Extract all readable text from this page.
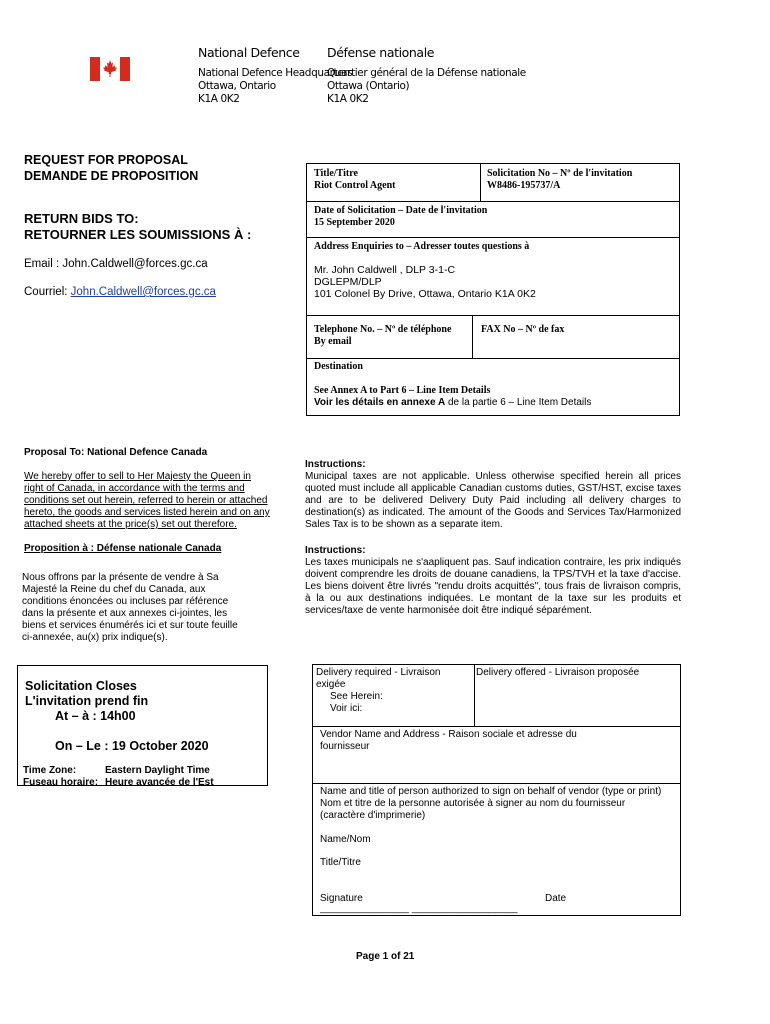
National Defence
National Defence Headquarters
Ottawa, Ontario
K1A 0K2
Défense nationale
Quartier général de la Défense nationale
Ottawa (Ontario)
K1A 0K2
REQUEST FOR PROPOSAL
DEMANDE DE PROPOSITION
RETURN BIDS TO:
RETOURNER LES SOUMISSIONS À :
Email : John.Caldwell@forces.gc.ca
Courriel: John.Caldwell@forces.gc.ca
Proposal To: National Defence Canada
We hereby offer to sell to Her Majesty the Queen in right of Canada, in accordance with the terms and conditions set out herein, referred to herein or attached hereto, the goods and services listed herein and on any attached sheets at the price(s) set out therefore.
Proposition à : Défense nationale Canada
Nous offrons par la présente de vendre à Sa Majesté la Reine du chef du Canada, aux conditions énoncées ou incluses par référence dans la présente et aux annexes ci-jointes, les biens et services énumérés ici et sur toute feuille ci-annexée, au(x) prix indique(s).
Solicitation Closes
L'invitation prend fin
At – à : 14h00
On – Le : 19 October 2020
Time Zone:	Eastern Daylight Time
Fuseau horaire: Heure avancée de l'Est
Title/Titre
Riot Control Agent
Solicitation No – Nº de l'invitation
W8486-195737/A
Date of Solicitation – Date de l'invitation
15 September 2020
Address Enquiries to – Adresser toutes questions à
Mr. John Caldwell , DLP 3-1-C
DGLEPM/DLP
101 Colonel By Drive, Ottawa, Ontario K1A 0K2
Telephone No. – Nº de téléphone
By email
FAX No – Nº de fax
Destination
See Annex A to Part 6 – Line Item Details
Voir les détails en annexe A de la partie 6 – Line Item Details
Instructions:
Municipal taxes are not applicable. Unless otherwise specified herein all prices quoted must include all applicable Canadian customs duties, GST/HST, excise taxes and are to be delivered Delivery Duty Paid including all delivery charges to destination(s) as indicated. The amount of the Goods and Services Tax/Harmonized Sales Tax is to be shown as a separate item.
Instructions:
Les taxes municipals ne s'aapliquent pas. Sauf indication contraire, les prix indiqués doivent comprendre les droits de douane canadiens, la TPS/TVH et la taxe d'accise. Les biens doivent être livrés "rendu droits acquittés", tous frais de livraison compris, à la ou aux destinations indiquées. Le montant de la taxe sur les produits et services/taxe de vente harmonisée doit être indiqué séparément.
Delivery required - Livraison
exigée
See Herein:
Voir ici:
Delivery offered - Livraison proposée
Vendor Name and Address - Raison sociale et adresse du
fournisseur
Name and title of person authorized to sign on behalf of vendor (type or print)
Nom et titre de la personne autorisée à signer au nom du fournisseur
(caractère d'imprimerie)
Name/Nom
Title/Titre
Signature	Date
________________ ___________________
Page 1 of 21
